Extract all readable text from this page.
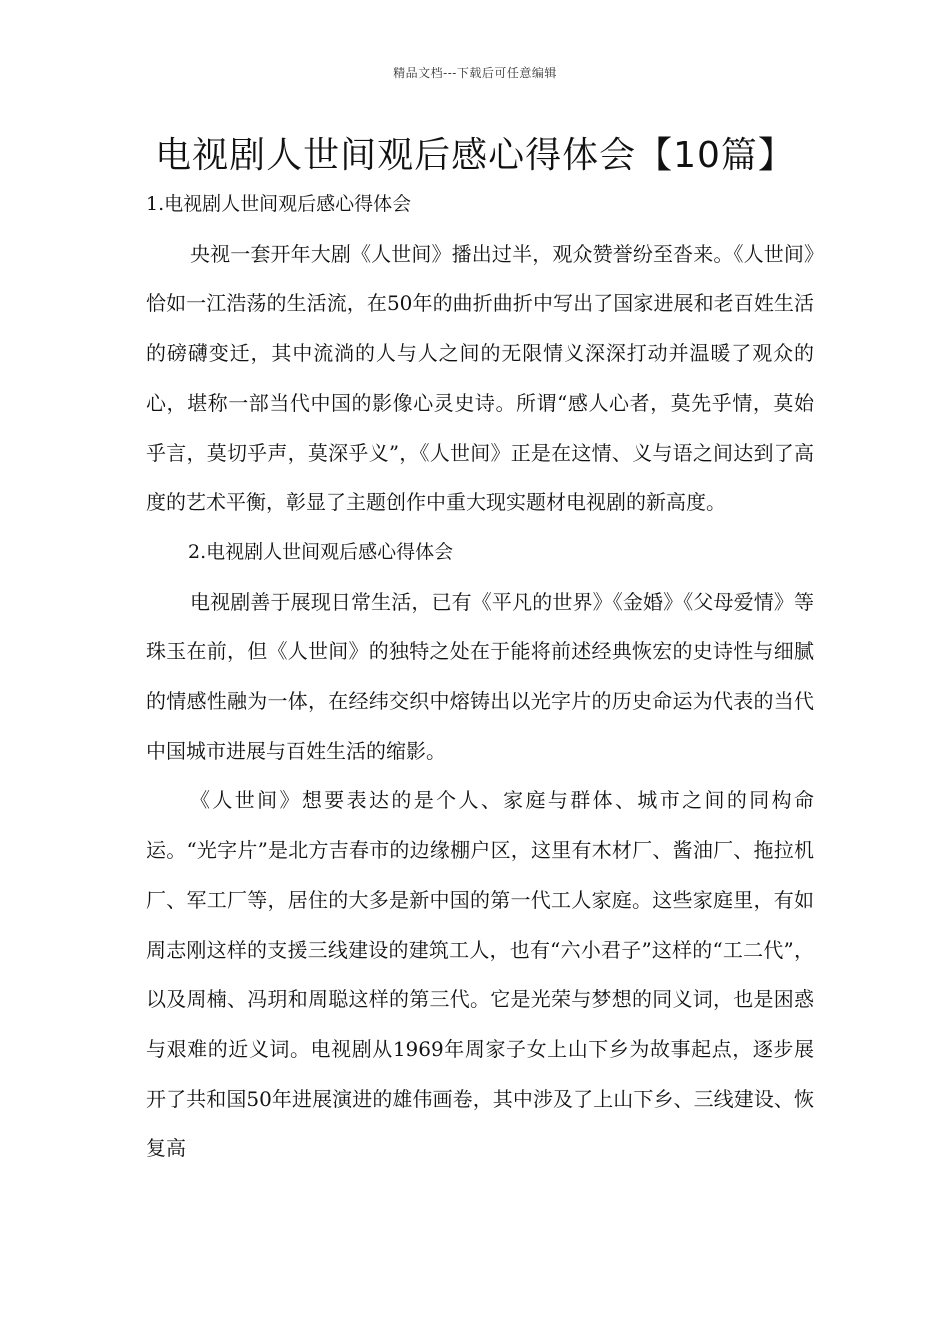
精品文档---下载后可任意编辑
电视剧人世间观后感心得体会【10篇】

1.电视剧人世间观后感心得体会

央视一套开年大剧《人世间》播出过半，观众赞誉纷至沓来。《人世间》恰如一江浩荡的生活流，在50年的曲折曲折中写出了国家进展和老百姓生活的磅礴变迁，其中流淌的人与人之间的无限情义深深打动并温暖了观众的心，堪称一部当代中国的影像心灵史诗。所谓“感人心者，莫先乎情，莫始乎言，莫切乎声，莫深乎义”，《人世间》正是在这情、义与语之间达到了高度的艺术平衡，彰显了主题创作中重大现实题材电视剧的新高度。

2.电视剧人世间观后感心得体会

电视剧善于展现日常生活，已有《平凡的世界》《金婚》《父母爱情》等珠玉在前，但《人世间》的独特之处在于能将前述经典恢宏的史诗性与细腻的情感性融为一体，在经纬交织中熔铸出以光字片的历史命运为代表的当代中国城市进展与百姓生活的缩影。

《人世间》想要表达的是个人、家庭与群体、城市之间的同构命运。“光字片”是北方吉春市的边缘棚户区，这里有木材厂、酱油厂、拖拉机厂、军工厂等，居住的大多是新中国的第一代工人家庭。这些家庭里，有如周志刚这样的支援三线建设的建筑工人，也有“六小君子”这样的“工二代”，以及周楠、冯玥和周聪这样的第三代。它是光荣与梦想的同义词，也是困惑与艰难的近义词。电视剧从1969年周家子女上山下乡为故事起点，逐步展开了共和国50年进展演进的雄伟画卷，其中涉及了上山下乡、三线建设、恢复高
